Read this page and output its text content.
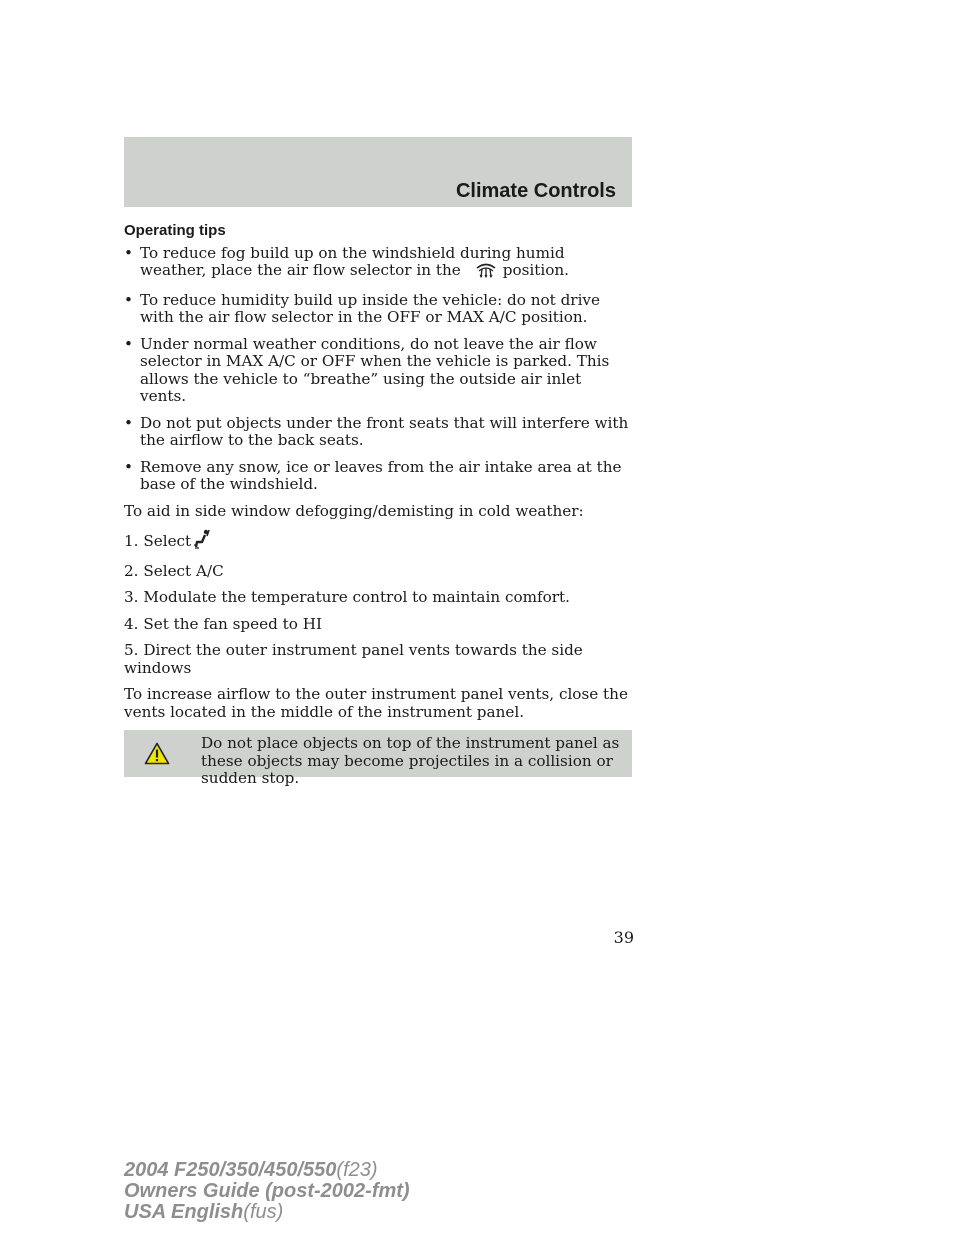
Climate Controls
Operating tips
• To reduce fog build up on the windshield during humid weather, place the air flow selector in the	position.
• To reduce humidity build up inside the vehicle: do not drive with the air flow selector in the OFF or MAX A/C position.
• Under normal weather conditions, do not leave the air flow selector in MAX A/C or OFF when the vehicle is parked. This allows the vehicle to “breathe” using the outside air inlet vents.
• Do not put objects under the front seats that will interfere with the airflow to the back seats.
• Remove any snow, ice or leaves from the air intake area at the base of the windshield.
To aid in side window defogging/demisting in cold weather:
1. Select
2. Select A/C
3. Modulate the temperature control to maintain comfort.
4. Set the fan speed to HI
5. Direct the outer instrument panel vents towards the side windows
To increase airflow to the outer instrument panel vents, close the vents located in the middle of the instrument panel.
Do not place objects on top of the instrument panel as these objects may become projectiles in a collision or sudden stop.
39
2004 F250/350/450/550(f23)
Owners Guide (post-2002-fmt)
USA English(fus)
